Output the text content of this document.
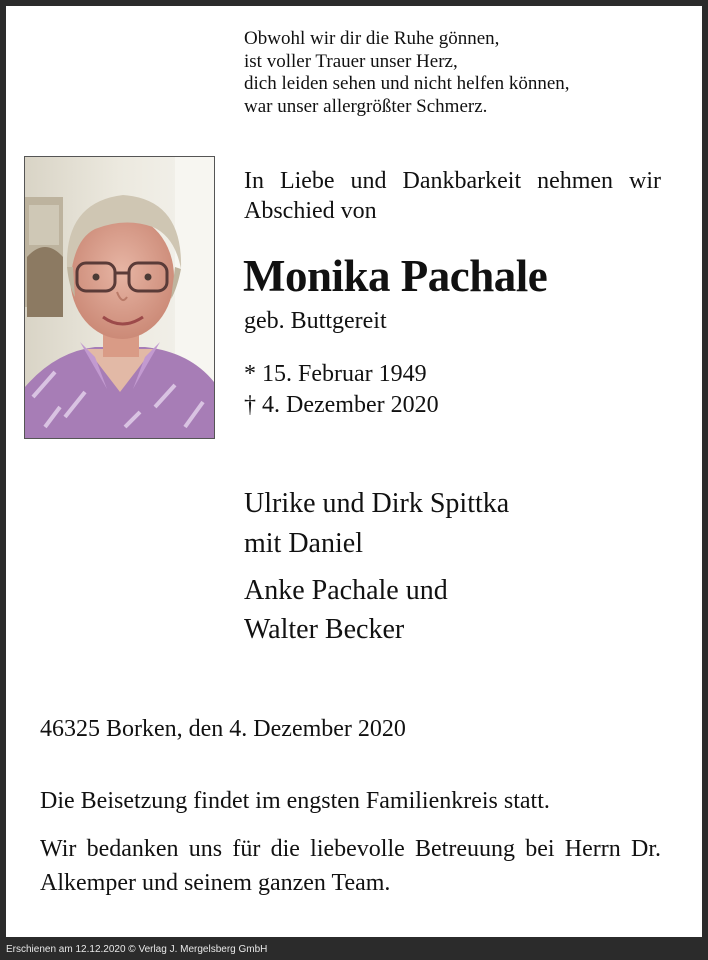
Obwohl wir dir die Ruhe gönnen,
ist voller Trauer unser Herz,
dich leiden sehen und nicht helfen können,
war unser allergrößter Schmerz.
In Liebe und Dankbarkeit nehmen wir Abschied von
Monika Pachale
geb. Buttgereit
* 15. Februar 1949
† 4. Dezember 2020
Ulrike und Dirk Spittka
mit Daniel
Anke Pachale und
Walter Becker
46325 Borken, den 4. Dezember 2020
Die Beisetzung findet im engsten Familienkreis statt.
Wir bedanken uns für die liebevolle Betreuung bei Herrn Dr. Alkemper und seinem ganzen Team.
Erschienen am 12.12.2020 © Verlag J. Mergelsberg GmbH
